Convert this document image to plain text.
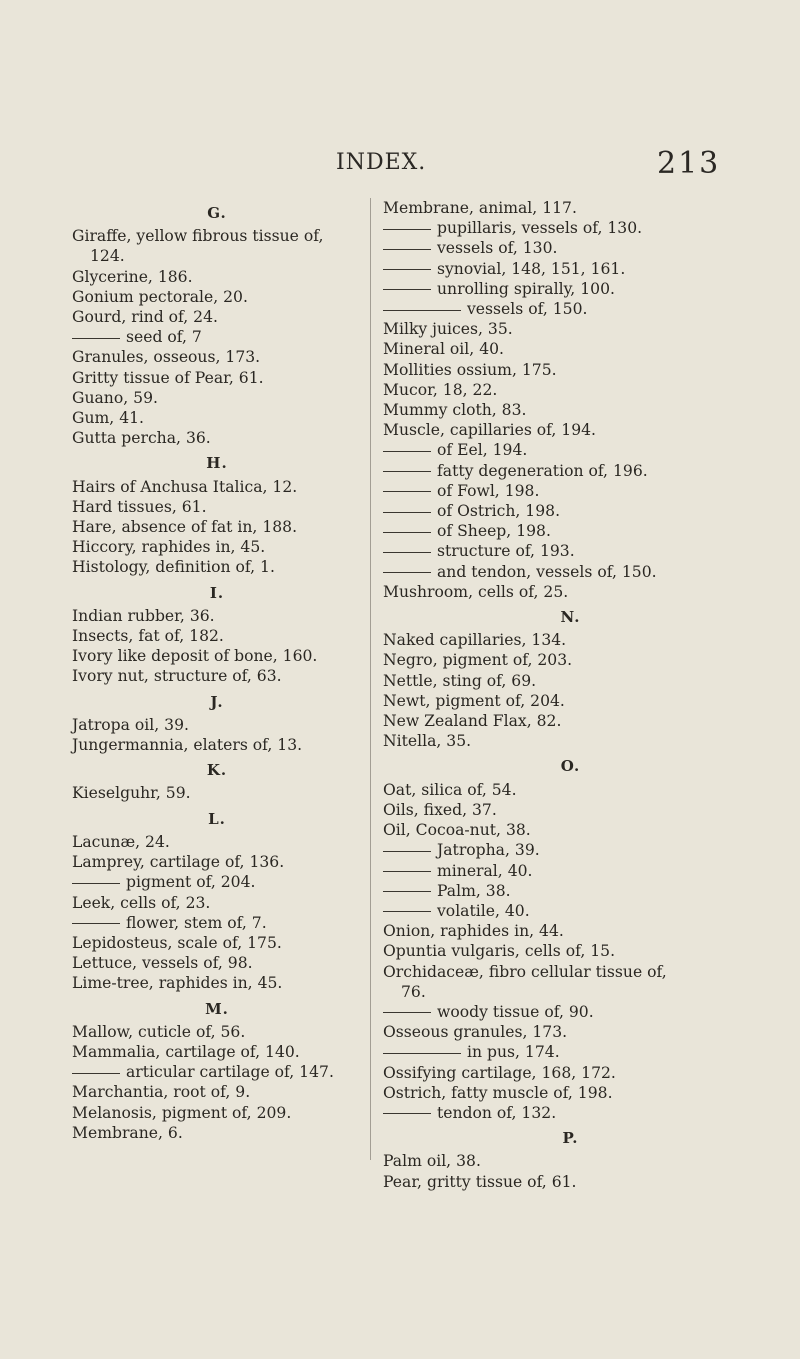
INDEX.	213
G.
Giraffe, yellow fibrous tissue of,
124.
Glycerine, 186.
Gonium pectorale, 20.
Gourd, rind of, 24.
seed of, 7
Granules, osseous, 173.
Gritty tissue of Pear, 61.
Guano, 59.
Gum, 41.
Gutta percha, 36.
H.
Hairs of Anchusa Italica, 12.
Hard tissues, 61.
Hare, absence of fat in, 188.
Hiccory, raphides in, 45.
Histology, definition of, 1.
I.
Indian rubber, 36.
Insects, fat of, 182.
Ivory like deposit of bone, 160.
Ivory nut, structure of, 63.
J.
Jatropa oil, 39.
Jungermannia, elaters of, 13.
K.
Kieselguhr, 59.
L.
Lacunæ, 24.
Lamprey, cartilage of, 136.
pigment of, 204.
Leek, cells of, 23.
flower, stem of, 7.
Lepidosteus, scale of, 175.
Lettuce, vessels of, 98.
Lime-tree, raphides in, 45.
M.
Mallow, cuticle of, 56.
Mammalia, cartilage of, 140.
articular cartilage of, 147.
Marchantia, root of, 9.
Melanosis, pigment of, 209.
Membrane, 6.
Membrane, animal, 117.
pupillaris, vessels of, 130.
vessels of, 130.
synovial, 148, 151, 161.
unrolling spirally, 100.
vessels of, 150.
Milky juices, 35.
Mineral oil, 40.
Mollities ossium, 175.
Mucor, 18, 22.
Mummy cloth, 83.
Muscle, capillaries of, 194.
of Eel, 194.
fatty degeneration of, 196.
of Fowl, 198.
of Ostrich, 198.
of Sheep, 198.
structure of, 193.
and tendon, vessels of, 150.
Mushroom, cells of, 25.
N.
Naked capillaries, 134.
Negro, pigment of, 203.
Nettle, sting of, 69.
Newt, pigment of, 204.
New Zealand Flax, 82.
Nitella, 35.
O.
Oat, silica of, 54.
Oils, fixed, 37.
Oil, Cocoa-nut, 38.
Jatropha, 39.
mineral, 40.
Palm, 38.
volatile, 40.
Onion, raphides in, 44.
Opuntia vulgaris, cells of, 15.
Orchidaceæ, fibro cellular tissue of,
76.
woody tissue of, 90.
Osseous granules, 173.
in pus, 174.
Ossifying cartilage, 168, 172.
Ostrich, fatty muscle of, 198.
tendon of, 132.
P.
Palm oil, 38.
Pear, gritty tissue of, 61.
